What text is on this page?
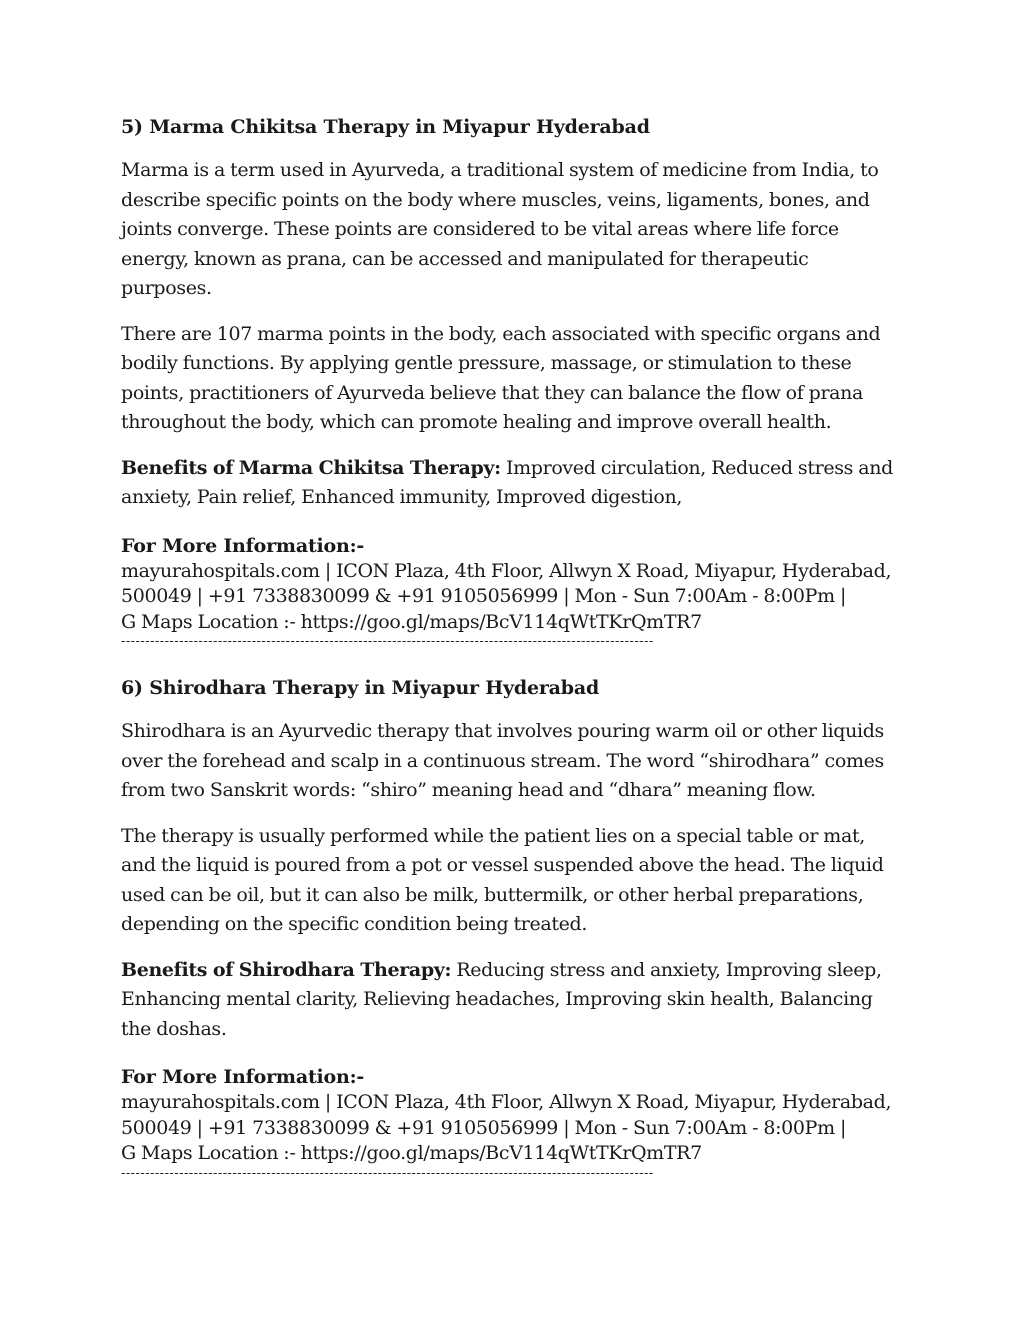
5) Marma Chikitsa Therapy in Miyapur Hyderabad

Marma is a term used in Ayurveda, a traditional system of medicine from India, to describe specific points on the body where muscles, veins, ligaments, bones, and joints converge. These points are considered to be vital areas where life force energy, known as prana, can be accessed and manipulated for therapeutic purposes.

There are 107 marma points in the body, each associated with specific organs and bodily functions. By applying gentle pressure, massage, or stimulation to these points, practitioners of Ayurveda believe that they can balance the flow of prana throughout the body, which can promote healing and improve overall health.

Benefits of Marma Chikitsa Therapy: Improved circulation, Reduced stress and anxiety, Pain relief, Enhanced immunity, Improved digestion,

For More Information:-
mayurahospitals.com | ICON Plaza, 4th Floor, Allwyn X Road, Miyapur, Hyderabad,
500049 | +91 7338830099 & +91 9105056999 | Mon - Sun 7:00Am - 8:00Pm |
G Maps Location :- https://goo.gl/maps/BcV114qWtTKrQmTR7
--------------------------------------------------------------------------------------------------------------
6) Shirodhara Therapy in Miyapur Hyderabad

Shirodhara is an Ayurvedic therapy that involves pouring warm oil or other liquids over the forehead and scalp in a continuous stream. The word “shirodhara” comes from two Sanskrit words: “shiro” meaning head and “dhara” meaning flow.

The therapy is usually performed while the patient lies on a special table or mat, and the liquid is poured from a pot or vessel suspended above the head. The liquid used can be oil, but it can also be milk, buttermilk, or other herbal preparations, depending on the specific condition being treated.

Benefits of Shirodhara Therapy: Reducing stress and anxiety, Improving sleep, Enhancing mental clarity, Relieving headaches, Improving skin health, Balancing the doshas.

For More Information:-
mayurahospitals.com | ICON Plaza, 4th Floor, Allwyn X Road, Miyapur, Hyderabad,
500049 | +91 7338830099 & +91 9105056999 | Mon - Sun 7:00Am - 8:00Pm |
G Maps Location :- https://goo.gl/maps/BcV114qWtTKrQmTR7
--------------------------------------------------------------------------------------------------------------
